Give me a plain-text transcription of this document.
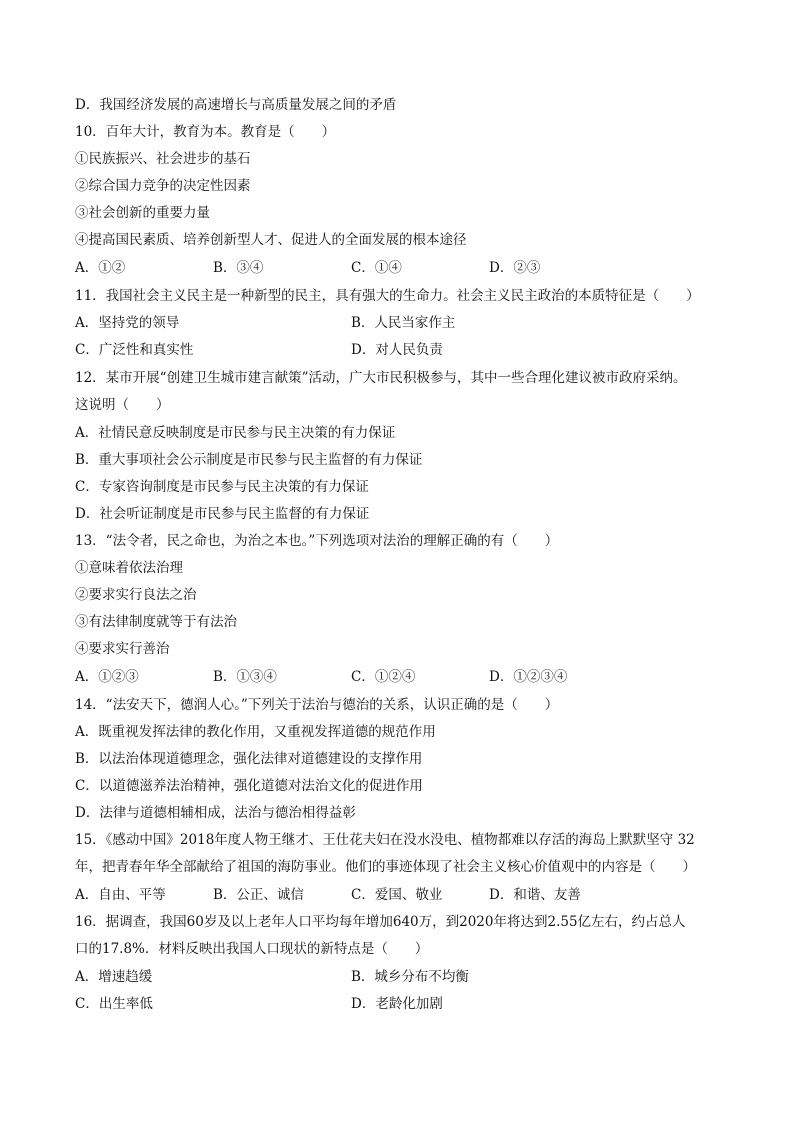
D．我国经济发展的高速增长与高质量发展之间的矛盾
10．百年大计，教育为本。教育是（　　）
①民族振兴、社会进步的基石
②综合国力竞争的决定性因素
③社会创新的重要力量
④提高国民素质、培养创新型人才、促进人的全面发展的根本途径
A．①②	B．③④	C．①④	D．②③
11．我国社会主义民主是一种新型的民主，具有强大的生命力。社会主义民主政治的本质特征是（　　）
A．坚持党的领导	B．人民当家作主
C．广泛性和真实性	D．对人民负责
12．某市开展“创建卫生城市建言献策”活动，广大市民积极参与，其中一些合理化建议被市政府采纳。
这说明（　　）
A．社情民意反映制度是市民参与民主决策的有力保证
B．重大事项社会公示制度是市民参与民主监督的有力保证
C．专家咨询制度是市民参与民主决策的有力保证
D．社会听证制度是市民参与民主监督的有力保证
13．“法令者，民之命也，为治之本也。”下列选项对法治的理解正确的有（　　）
①意味着依法治理
②要求实行良法之治
③有法律制度就等于有法治
④要求实行善治
A．①②③	B．①③④	C．①②④	D．①②③④
14．“法安天下，德润人心。”下列关于法治与德治的关系，认识正确的是（　　）
A．既重视发挥法律的教化作用，又重视发挥道德的规范作用
B．以法治体现道德理念，强化法律对道德建设的支撑作用
C．以道德滋养法治精神，强化道德对法治文化的促进作用
D．法律与道德相辅相成，法治与德治相得益彰
15．《感动中国》2018年度人物王继才、王仕花夫妇在没水没电、植物都难以存活的海岛上默默坚守 32
年，把青春年华全部献给了祖国的海防事业。他们的事迹体现了社会主义核心价值观中的内容是（　　）
A．自由、平等	B．公正、诚信	C．爱国、敬业	D．和谐、友善
16．据调查，我国60岁及以上老年人口平均每年增加640万，到2020年将达到2.55亿左右，约占总人
口的17.8%．材料反映出我国人口现状的新特点是（　　）
A．增速趋缓	B．城乡分布不均衡
C．出生率低	D．老龄化加剧
